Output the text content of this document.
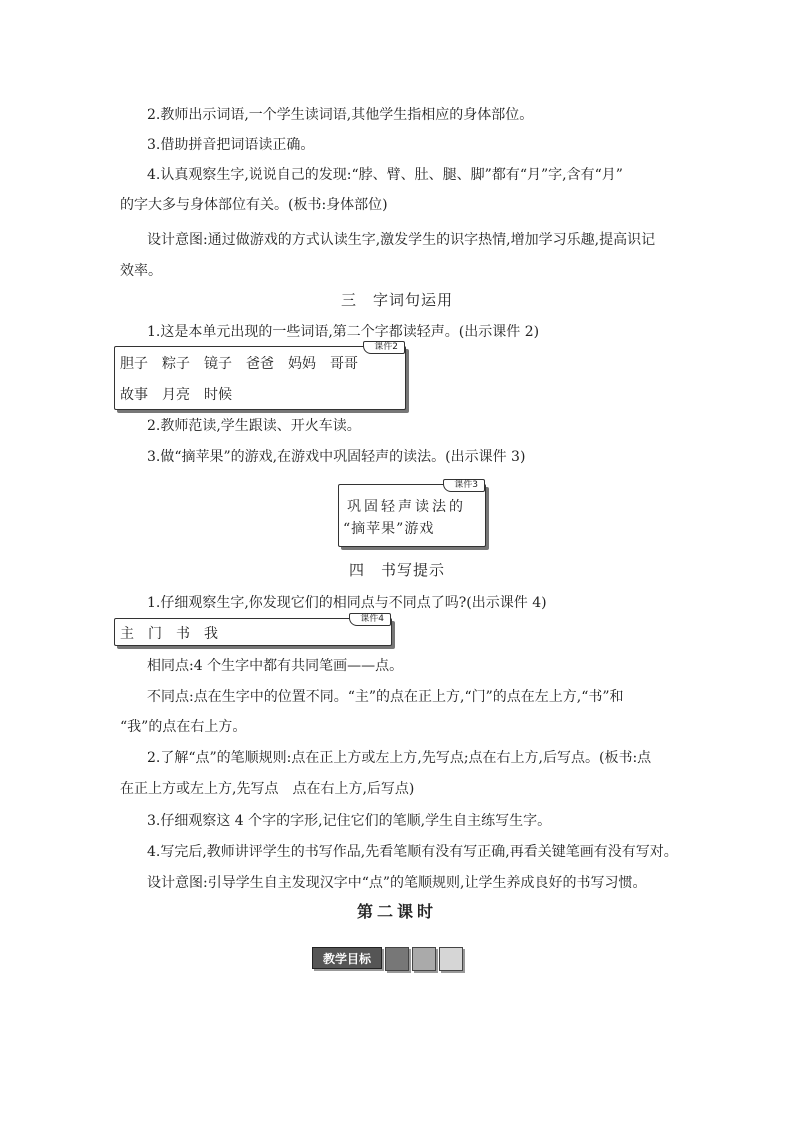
2.教师出示词语,一个学生读词语,其他学生指相应的身体部位。
3.借助拼音把词语读正确。
4.认真观察生字,说说自己的发现:“脖、臂、肚、腿、脚”都有“月”字,含有“月”
的字大多与身体部位有关。(板书:身体部位)
设计意图:通过做游戏的方式认读生字,激发学生的识字热情,增加学习乐趣,提高识记
效率。
三　字词句运用
1.这是本单元出现的一些词语,第二个字都读轻声。(出示课件 2)
课件2
胆子 粽子 镜子 爸爸 妈妈 哥哥
故事 月亮 时候
2.教师范读,学生跟读、开火车读。
3.做“摘苹果”的游戏,在游戏中巩固轻声的读法。(出示课件 3)
课件3
巩固轻声读法的
“摘苹果”游戏
四　书写提示
1.仔细观察生字,你发现它们的相同点与不同点了吗?(出示课件 4)
课件4
主　门　书　我
相同点:4 个生字中都有共同笔画——点。
不同点:点在生字中的位置不同。“主”的点在正上方,“门”的点在左上方,“书”和
“我”的点在右上方。
2.了解“点”的笔顺规则:点在正上方或左上方,先写点;点在右上方,后写点。(板书:点
在正上方或左上方,先写点　点在右上方,后写点)
3.仔细观察这 4 个字的字形,记住它们的笔顺,学生自主练写生字。
4.写完后,教师讲评学生的书写作品,先看笔顺有没有写正确,再看关键笔画有没有写对。
设计意图:引导学生自主发现汉字中“点”的笔顺规则,让学生养成良好的书写习惯。
第二课时
教学目标
